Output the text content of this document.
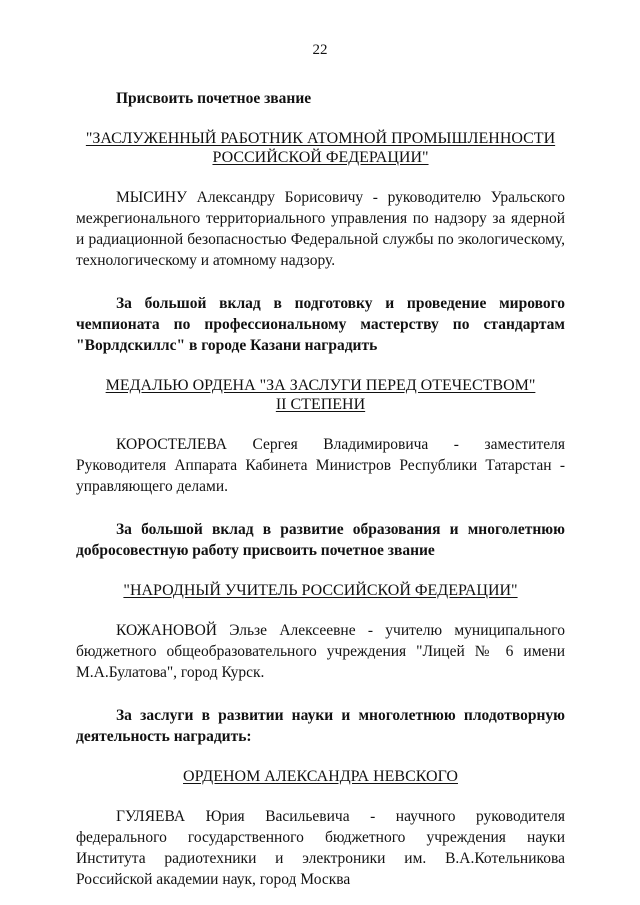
22

Присвоить почетное звание

"ЗАСЛУЖЕННЫЙ РАБОТНИК АТОМНОЙ ПРОМЫШЛЕННОСТИ

РОССИЙСКОЙ ФЕДЕРАЦИИ"

МЫСИНУ Александру Борисовичу - руководителю Уральского межрегионального территориального управления по надзору за ядерной и радиационной безопасностью Федеральной службы по экологическому, технологическому и атомному надзору.

За большой вклад в подготовку и проведение мирового чемпионата по профессиональному мастерству по стандартам "Ворлдскиллс" в городе Казани наградить

МЕДАЛЬЮ ОРДЕНА "ЗА ЗАСЛУГИ ПЕРЕД ОТЕЧЕСТВОМ"

II СТЕПЕНИ

КОРОСТЕЛЕВА Сергея Владимировича - заместителя Руководителя Аппарата Кабинета Министров Республики Татарстан - управляющего делами.

За большой вклад в развитие образования и многолетнюю добросовестную работу присвоить почетное звание

"НАРОДНЫЙ УЧИТЕЛЬ РОССИЙСКОЙ ФЕДЕРАЦИИ"

КОЖАНОВОЙ Эльзе Алексеевне - учителю муниципального бюджетного общеобразовательного учреждения "Лицей № 6 имени М.А.Булатова", город Курск.

За заслуги в развитии науки и многолетнюю плодотворную деятельность наградить:

ОРДЕНОМ АЛЕКСАНДРА НЕВСКОГО

ГУЛЯЕВА Юрия Васильевича - научного руководителя федерального государственного бюджетного учреждения науки Института радиотехники и электроники им. В.А.Котельникова Российской академии наук, город Москва
